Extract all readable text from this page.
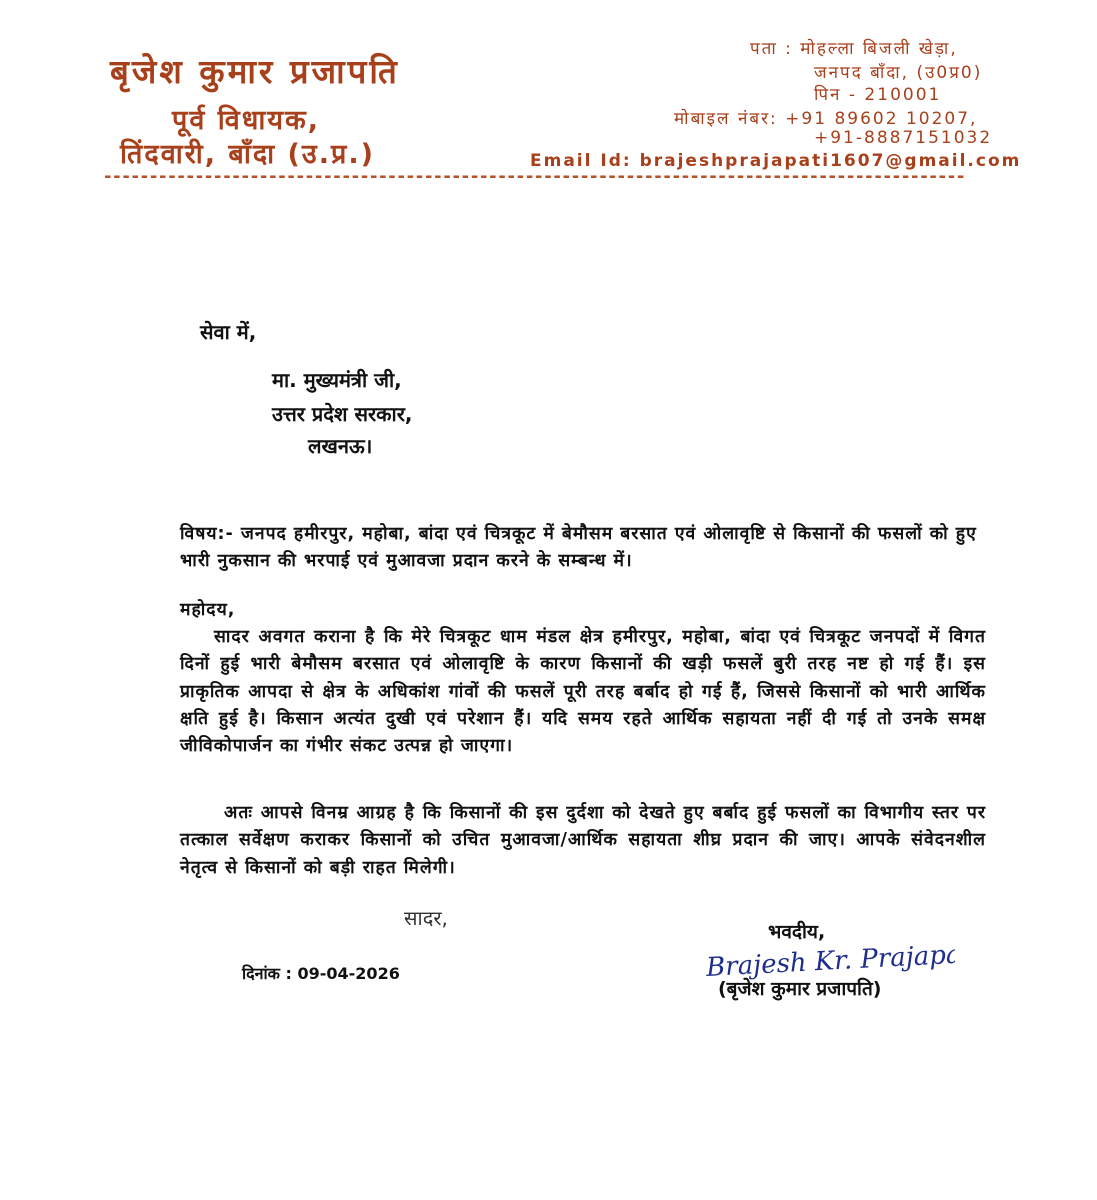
बृजेश कुमार प्रजापति
पूर्व विधायक,
तिंदवारी, बाँदा (उ.प्र.)
पता : मोहल्ला बिजली खेड़ा,
जनपद बाँदा, (उ0प्र0)
पिन - 210001
मोबाइल नंबर: +91 89602 10207,
+91-8887151032
Email Id: brajeshprajapati1607@gmail.com
----------------------------------------------------------------------------------------------
सेवा में,
मा. मुख्यमंत्री जी,
उत्तर प्रदेश सरकार,
लखनऊ।
विषय:- जनपद हमीरपुर, महोबा, बांदा एवं चित्रकूट में बेमौसम बरसात एवं ओलावृष्टि से किसानों की फसलों को हुए भारी नुकसान की भरपाई एवं मुआवजा प्रदान करने के सम्बन्ध में।
महोदय,
सादर अवगत कराना है कि मेरे चित्रकूट धाम मंडल क्षेत्र हमीरपुर, महोबा, बांदा एवं चित्रकूट जनपदों में विगत दिनों हुई भारी बेमौसम बरसात एवं ओलावृष्टि के कारण किसानों की खड़ी फसलें बुरी तरह नष्ट हो गई हैं। इस प्राकृतिक आपदा से क्षेत्र के अधिकांश गांवों की फसलें पूरी तरह बर्बाद हो गई हैं, जिससे किसानों को भारी आर्थिक क्षति हुई है। किसान अत्यंत दुखी एवं परेशान हैं। यदि समय रहते आर्थिक सहायता नहीं दी गई तो उनके समक्ष जीविकोपार्जन का गंभीर संकट उत्पन्न हो जाएगा।
अतः आपसे विनम्र आग्रह है कि किसानों की इस दुर्दशा को देखते हुए बर्बाद हुई फसलों का विभागीय स्तर पर तत्काल सर्वेक्षण कराकर किसानों को उचित मुआवजा/आर्थिक सहायता शीघ्र प्रदान की जाए। आपके संवेदनशील नेतृत्व से किसानों को बड़ी राहत मिलेगी।
सादर,
दिनांक : 09-04-2026
भवदीय,
Brajesh Kr. Prajapati
(बृजेश कुमार प्रजापति)
